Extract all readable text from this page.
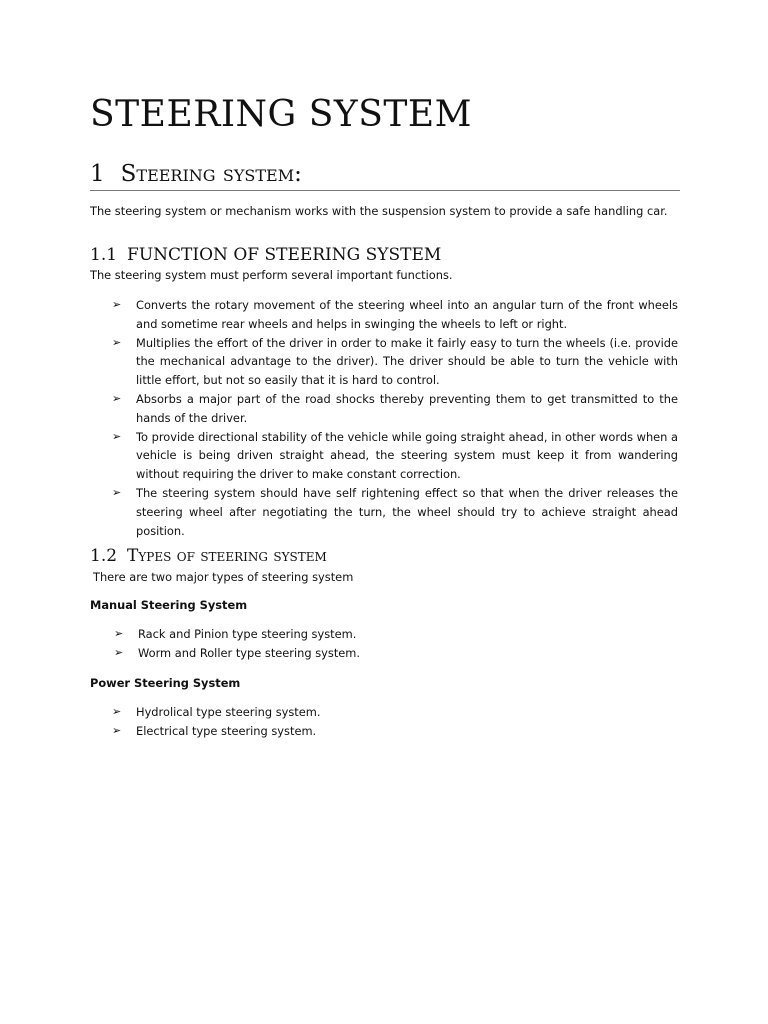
STEERING SYSTEM
1 Steering system:

The steering system or mechanism works with the suspension system to provide a safe handling car.

1.1 FUNCTION OF STEERING SYSTEM

The steering system must perform several important functions.

➢ Converts the rotary movement of the steering wheel into an angular turn of the front wheels and sometime rear wheels and helps in swinging the wheels to left or right.
➢ Multiplies the effort of the driver in order to make it fairly easy to turn the wheels (i.e. provide the mechanical advantage to the driver). The driver should be able to turn the vehicle with little effort, but not so easily that it is hard to control.
➢ Absorbs a major part of the road shocks thereby preventing them to get transmitted to the hands of the driver.
➢ To provide directional stability of the vehicle while going straight ahead, in other words when a vehicle is being driven straight ahead, the steering system must keep it from wandering without requiring the driver to make constant correction.
➢ The steering system should have self rightening effect so that when the driver releases the steering wheel after negotiating the turn, the wheel should try to achieve straight ahead position.
1.2 Types of steering system

There are two major types of steering system

Manual Steering System

➢ Rack and Pinion type steering system.
➢ Worm and Roller type steering system.

Power Steering System

➢ Hydrolical type steering system.
➢ Electrical type steering system.
